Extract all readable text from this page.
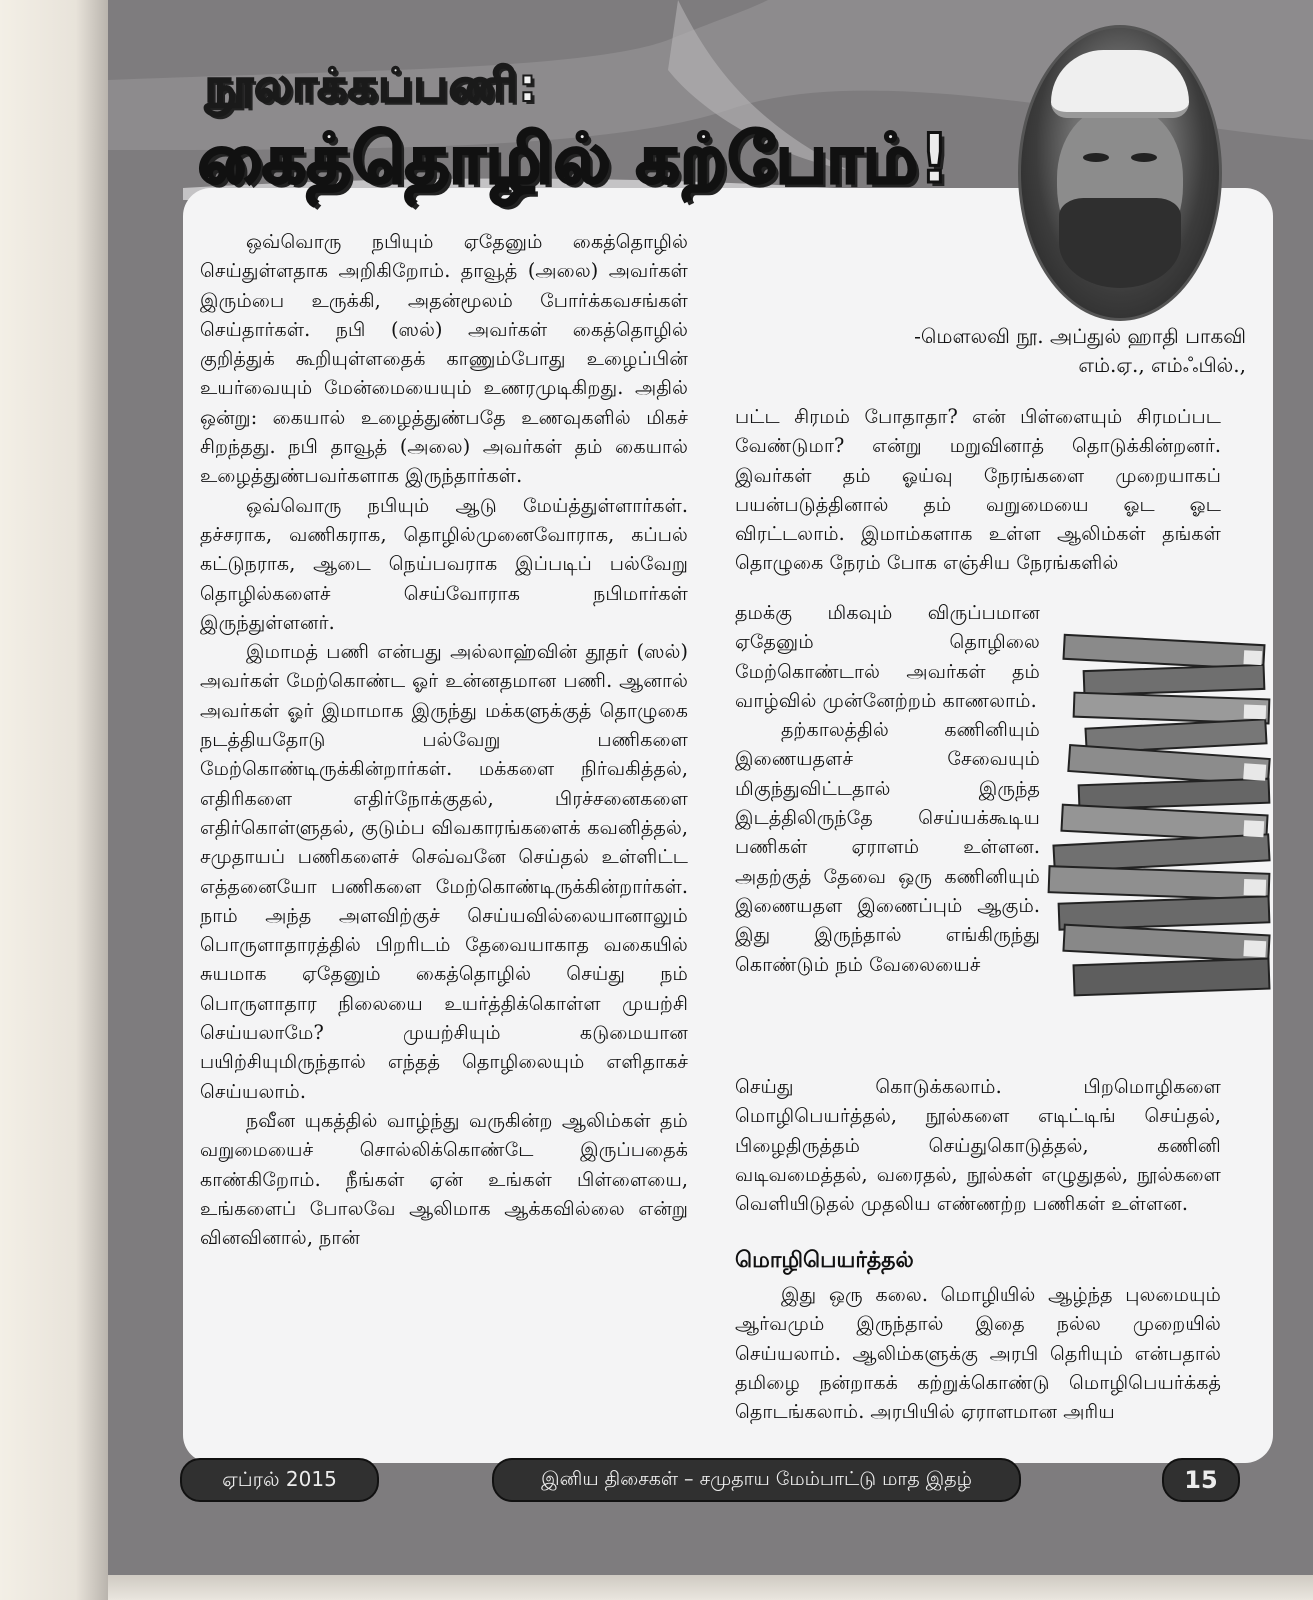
நூலாக்கப்பணி:
கைத்தொழில் கற்போம்!
-மௌலவி நூ. அப்துல் ஹாதி பாகவி
எம்.ஏ., எம்ஃபில்.,

ஒவ்வொரு நபியும் ஏதேனும் கைத்தொழில் செய்துள்ளதாக அறிகிறோம். தாவூத் (அலை) அவர்கள் இரும்பை உருக்கி, அதன்மூலம் போர்க்கவசங்கள் செய்தார்கள். நபி (ஸல்) அவர்கள் கைத்தொழில் குறித்துக் கூறியுள்ளதைக் காணும்போது உழைப்பின் உயர்வையும் மேன்மையையும் உணரமுடிகிறது. அதில் ஒன்று: கையால் உழைத்துண்பதே உணவுகளில் மிகச் சிறந்தது. நபி தாவூத் (அலை) அவர்கள் தம் கையால் உழைத்துண்பவர்களாக இருந்தார்கள்.

ஒவ்வொரு நபியும் ஆடு மேய்த்துள்ளார்கள். தச்சராக, வணிகராக, தொழில்முனைவோராக, கப்பல் கட்டுநராக, ஆடை நெய்பவராக இப்படிப் பல்வேறு தொழில்களைச் செய்வோராக நபிமார்கள் இருந்துள்ளனர்.

இமாமத் பணி என்பது அல்லாஹ்வின் தூதர் (ஸல்) அவர்கள் மேற்கொண்ட ஓர் உன்னதமான பணி. ஆனால் அவர்கள் ஓர் இமாமாக இருந்து மக்களுக்குத் தொழுகை நடத்தியதோடு பல்வேறு பணிகளை மேற்கொண்டிருக்கின்றார்கள். மக்களை நிர்வகித்தல், எதிரிகளை எதிர்நோக்குதல், பிரச்சனைகளை எதிர்கொள்ளுதல், குடும்ப விவகாரங்களைக் கவனித்தல், சமுதாயப் பணிகளைச் செவ்வனே செய்தல் உள்ளிட்ட எத்தனையோ பணிகளை மேற்கொண்டிருக்கின்றார்கள். நாம் அந்த அளவிற்குச் செய்யவில்லையானாலும் பொருளாதாரத்தில் பிறரிடம் தேவையாகாத வகையில் சுயமாக ஏதேனும் கைத்தொழில் செய்து நம் பொருளாதார நிலையை உயர்த்திக்கொள்ள முயற்சி செய்யலாமே? முயற்சியும் கடுமையான பயிற்சியுமிருந்தால் எந்தத் தொழிலையும் எளிதாகச் செய்யலாம்.

நவீன யுகத்தில் வாழ்ந்து வருகின்ற ஆலிம்கள் தம் வறுமையைச் சொல்லிக்கொண்டே இருப்பதைக் காண்கிறோம். நீங்கள் ஏன் உங்கள் பிள்ளையை, உங்களைப் போலவே ஆலிமாக ஆக்கவில்லை என்று வினவினால், நான்

பட்ட சிரமம் போதாதா? என் பிள்ளையும் சிரமப்பட வேண்டுமா? என்று மறுவினாத் தொடுக்கின்றனர். இவர்கள் தம் ஓய்வு நேரங்களை முறையாகப் பயன்படுத்தினால் தம் வறுமையை ஓட ஓட விரட்டலாம். இமாம்களாக உள்ள ஆலிம்கள் தங்கள் தொழுகை நேரம் போக எஞ்சிய நேரங்களில்

தமக்கு மிகவும் விருப்பமான ஏதேனும் தொழிலை மேற்கொண்டால் அவர்கள் தம் வாழ்வில் முன்னேற்றம் காணலாம்.

தற்காலத்தில் கணினியும் இணையதளச் சேவையும் மிகுந்துவிட்டதால் இருந்த இடத்திலிருந்தே செய்யக்கூடிய பணிகள் ஏராளம் உள்ளன. அதற்குத் தேவை ஒரு கணினியும் இணையதள இணைப்பும் ஆகும். இது இருந்தால் எங்கிருந்து கொண்டும் நம் வேலையைச்

செய்து கொடுக்கலாம். பிறமொழிகளை மொழிபெயர்த்தல், நூல்களை எடிட்டிங் செய்தல், பிழைதிருத்தம் செய்துகொடுத்தல், கணினி வடிவமைத்தல், வரைதல், நூல்கள் எழுதுதல், நூல்களை வெளியிடுதல் முதலிய எண்ணற்ற பணிகள் உள்ளன.

மொழிபெயர்த்தல்

இது ஒரு கலை. மொழியில் ஆழ்ந்த புலமையும் ஆர்வமும் இருந்தால் இதை நல்ல முறையில் செய்யலாம். ஆலிம்களுக்கு அரபி தெரியும் என்பதால் தமிழை நன்றாகக் கற்றுக்கொண்டு மொழிபெயர்க்கத் தொடங்கலாம். அரபியில் ஏராளமான அரிய

ஏப்ரல் 2015	இனிய திசைகள் – சமுதாய மேம்பாட்டு மாத இதழ்	15
